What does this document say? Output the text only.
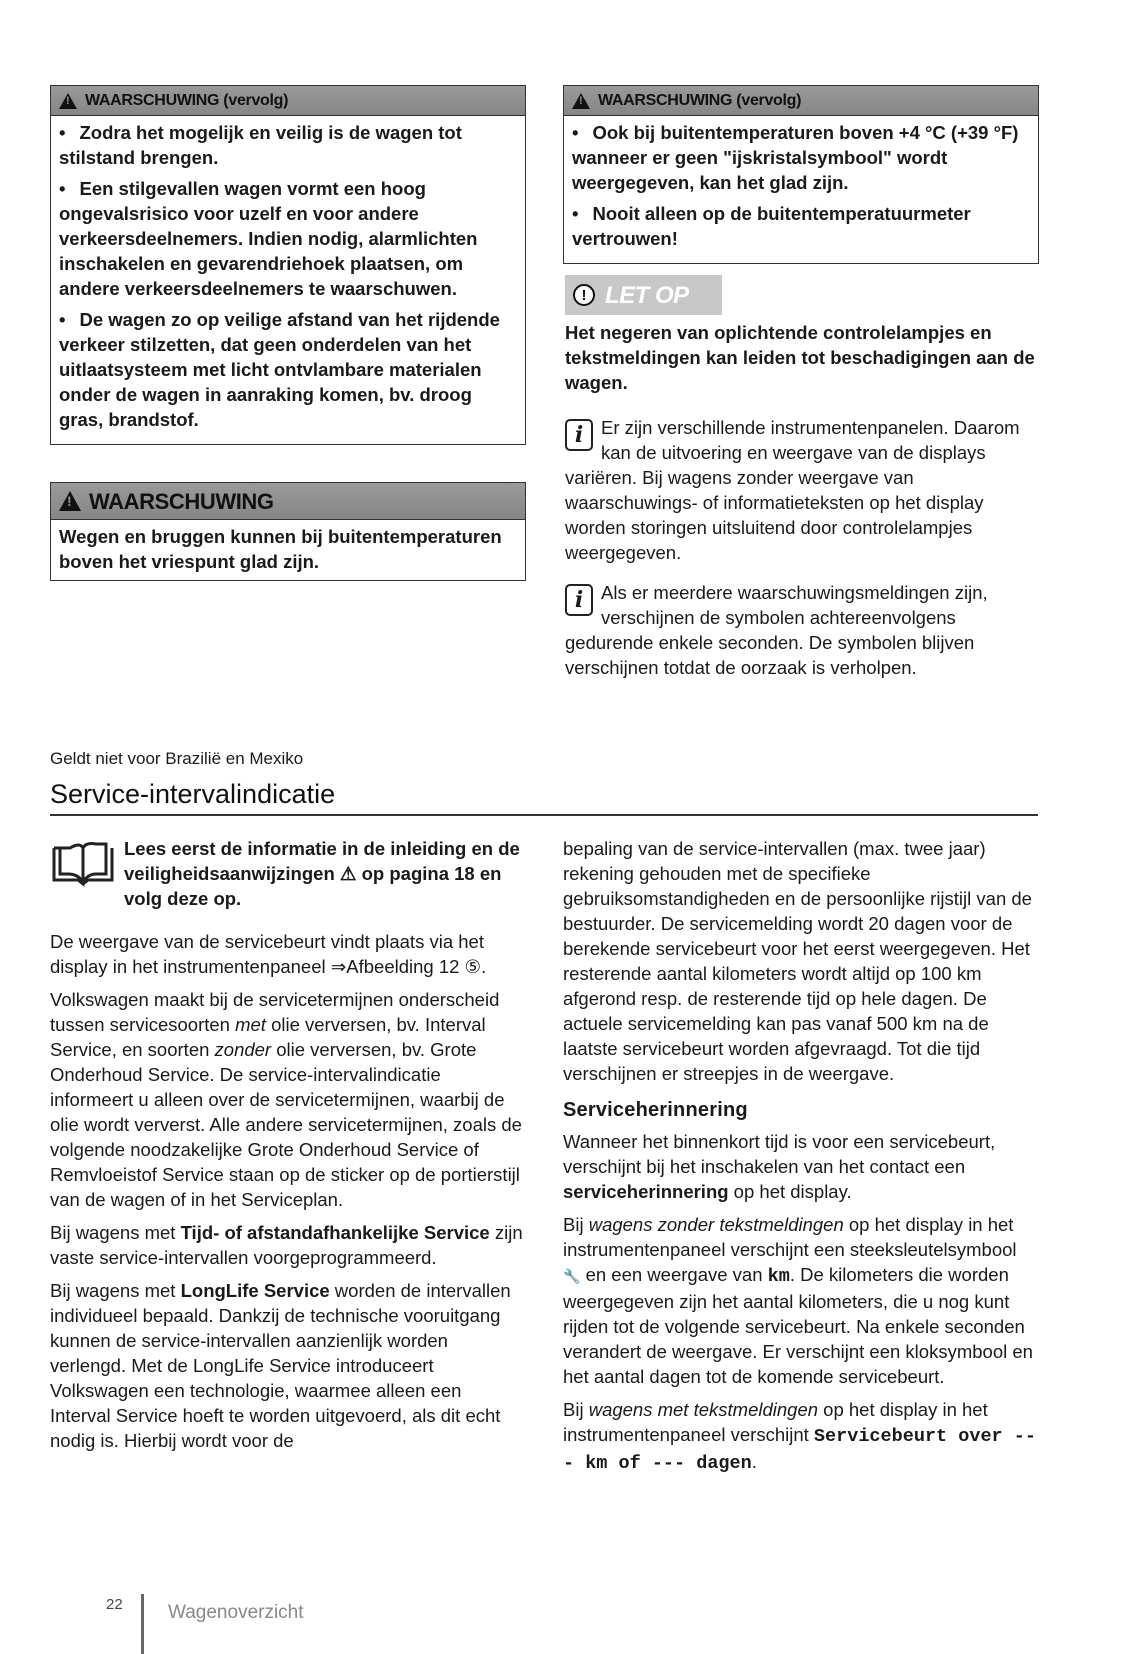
!
WAARSCHUWING (vervolg)

• Zodra het mogelijk en veilig is de wagen tot stilstand brengen.

• Een stilgevallen wagen vormt een hoog ongevalsrisico voor uzelf en voor andere verkeersdeelnemers. Indien nodig, alarmlichten inschakelen en gevarendriehoek plaatsen, om andere verkeersdeelnemers te waarschuwen.

• De wagen zo op veilige afstand van het rijdende verkeer stilzetten, dat geen onderdelen van het uitlaatsysteem met licht ontvlambare materialen onder de wagen in aanraking komen, bv. droog gras, brandstof.

!
WAARSCHUWING

Wegen en bruggen kunnen bij buitentemperaturen boven het vriespunt glad zijn.

!
WAARSCHUWING (vervolg)

• Ook bij buitentemperaturen boven +4 °C (+39 °F) wanneer er geen "ijskristalsymbool" wordt weergegeven, kan het glad zijn.

• Nooit alleen op de buitentemperatuurmeter vertrouwen!

! LET OP
Het negeren van oplichtende controlelampjes en tekstmeldingen kan leiden tot beschadigingen aan de wagen.
i Er zijn verschillende instrumentenpanelen. Daarom kan de uitvoering en weergave van de displays variëren. Bij wagens zonder weergave van waarschuwings- of informatieteksten op het display worden storingen uitsluitend door controlelampjes weergegeven.
i Als er meerdere waarschuwingsmeldingen zijn, verschijnen de symbolen achtereenvolgens gedurende enkele seconden. De symbolen blijven verschijnen totdat de oorzaak is verholpen.
Geldt niet voor Brazilië en Mexiko
Service-intervalindicatie

Lees eerst de informatie in de inleiding en de veiligheidsaanwijzingen ⚠ op pagina 18 en volg deze op.

De weergave van de servicebeurt vindt plaats via het display in het instrumentenpaneel ⇒Afbeelding 12 ⑤.

Volkswagen maakt bij de servicetermijnen onderscheid tussen servicesoorten met olie verversen, bv. Interval Service, en soorten zonder olie verversen, bv. Grote Onderhoud Service. De service-intervalindicatie informeert u alleen over de servicetermijnen, waarbij de olie wordt ververst. Alle andere servicetermijnen, zoals de volgende noodzakelijke Grote Onderhoud Service of Remvloeistof Service staan op de sticker op de portierstijl van de wagen of in het Serviceplan.

Bij wagens met Tijd- of afstandafhankelijke Service zijn vaste service-intervallen voorgeprogrammeerd.

Bij wagens met LongLife Service worden de intervallen individueel bepaald. Dankzij de technische vooruitgang kunnen de service-intervallen aanzienlijk worden verlengd. Met de LongLife Service introduceert Volkswagen een technologie, waarmee alleen een Interval Service hoeft te worden uitgevoerd, als dit echt nodig is. Hierbij wordt voor de

bepaling van de service-intervallen (max. twee jaar) rekening gehouden met de specifieke gebruiksomstandigheden en de persoonlijke rijstijl van de bestuurder. De servicemelding wordt 20 dagen voor de berekende servicebeurt voor het eerst weergegeven. Het resterende aantal kilometers wordt altijd op 100 km afgerond resp. de resterende tijd op hele dagen. De actuele servicemelding kan pas vanaf 500 km na de laatste servicebeurt worden afgevraagd. Tot die tijd verschijnen er streepjes in de weergave.

Serviceherinnering

Wanneer het binnenkort tijd is voor een servicebeurt, verschijnt bij het inschakelen van het contact een serviceherinnering op het display.

Bij wagens zonder tekstmeldingen op het display in het instrumentenpaneel verschijnt een steeksleutelsymbool 🔧 en een weergave van km. De kilometers die worden weergegeven zijn het aantal kilometers, die u nog kunt rijden tot de volgende servicebeurt. Na enkele seconden verandert de weergave. Er verschijnt een kloksymbool en het aantal dagen tot de komende servicebeurt.

Bij wagens met tekstmeldingen op het display in het instrumentenpaneel verschijnt Servicebeurt over --- km of --- dagen.

22 Wagenoverzicht
